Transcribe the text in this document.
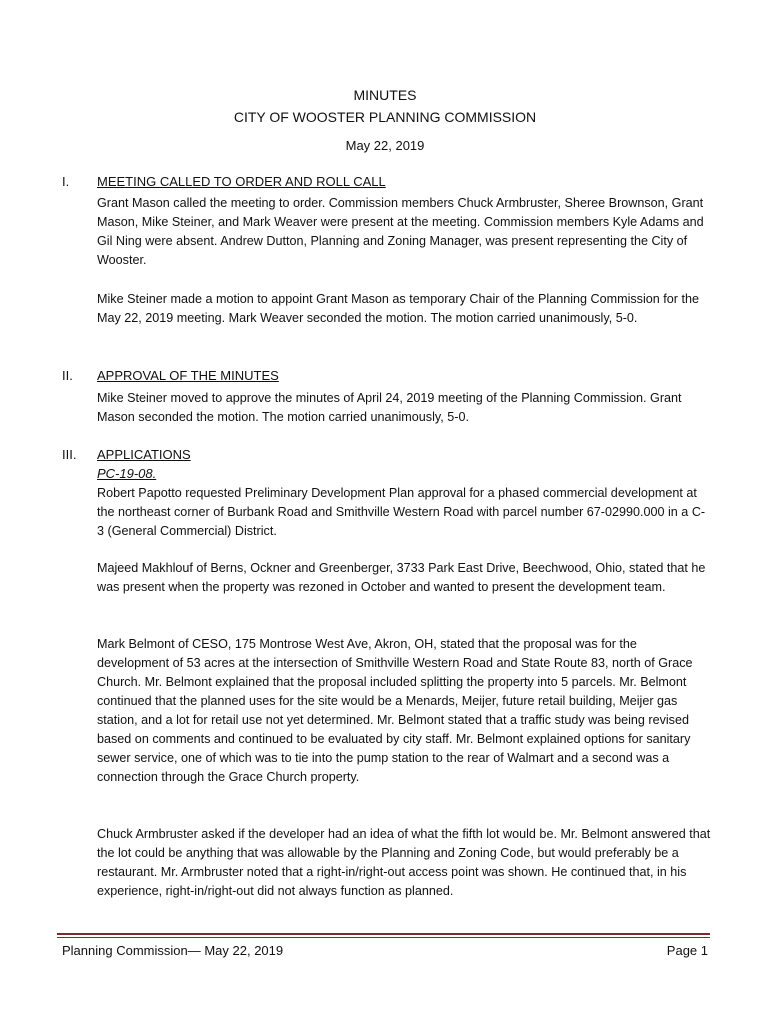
MINUTES
CITY OF WOOSTER PLANNING COMMISSION
May 22, 2019
I. MEETING CALLED TO ORDER AND ROLL CALL

Grant Mason called the meeting to order. Commission members Chuck Armbruster, Sheree Brownson, Grant Mason, Mike Steiner, and Mark Weaver were present at the meeting. Commission members Kyle Adams and Gil Ning were absent. Andrew Dutton, Planning and Zoning Manager, was present representing the City of Wooster.

Mike Steiner made a motion to appoint Grant Mason as temporary Chair of the Planning Commission for the May 22, 2019 meeting. Mark Weaver seconded the motion. The motion carried unanimously, 5-0.

II. APPROVAL OF THE MINUTES

Mike Steiner moved to approve the minutes of April 24, 2019 meeting of the Planning Commission. Grant Mason seconded the motion. The motion carried unanimously, 5-0.

III. APPLICATIONS
PC-19-08.

Robert Papotto requested Preliminary Development Plan approval for a phased commercial development at the northeast corner of Burbank Road and Smithville Western Road with parcel number 67-02990.000 in a C-3 (General Commercial) District.

Majeed Makhlouf of Berns, Ockner and Greenberger, 3733 Park East Drive, Beechwood, Ohio, stated that he was present when the property was rezoned in October and wanted to present the development team.

Mark Belmont of CESO, 175 Montrose West Ave, Akron, OH, stated that the proposal was for the development of 53 acres at the intersection of Smithville Western Road and State Route 83, north of Grace Church. Mr. Belmont explained that the proposal included splitting the property into 5 parcels. Mr. Belmont continued that the planned uses for the site would be a Menards, Meijer, future retail building, Meijer gas station, and a lot for retail use not yet determined. Mr. Belmont stated that a traffic study was being revised based on comments and continued to be evaluated by city staff. Mr. Belmont explained options for sanitary sewer service, one of which was to tie into the pump station to the rear of Walmart and a second was a connection through the Grace Church property.

Chuck Armbruster asked if the developer had an idea of what the fifth lot would be. Mr. Belmont answered that the lot could be anything that was allowable by the Planning and Zoning Code, but would preferably be a restaurant. Mr. Armbruster noted that a right-in/right-out access point was shown. He continued that, in his experience, right-in/right-out did not always function as planned.

Planning Commission— May 22, 2019	Page 1
